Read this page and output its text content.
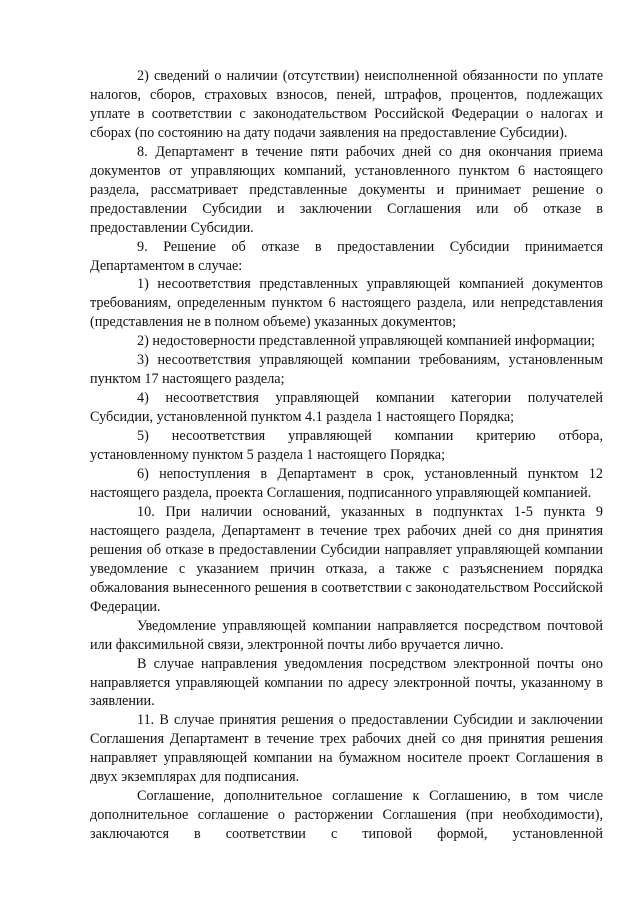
2) сведений о наличии (отсутствии) неисполненной обязанности по уплате налогов, сборов, страховых взносов, пеней, штрафов, процентов, подлежащих уплате в соответствии с законодательством Российской Федерации о налогах и сборах (по состоянию на дату подачи заявления на предоставление Субсидии).

8. Департамент в течение пяти рабочих дней со дня окончания приема документов от управляющих компаний, установленного пунктом 6 настоящего раздела, рассматривает представленные документы и принимает решение о предоставлении Субсидии и заключении Соглашения или об отказе в предоставлении Субсидии.

9. Решение об отказе в предоставлении Субсидии принимается Департаментом в случае:

1) несоответствия представленных управляющей компанией документов требованиям, определенным пунктом 6 настоящего раздела, или непредставления (представления не в полном объеме) указанных документов;

2) недостоверности представленной управляющей компанией информации;

3) несоответствия управляющей компании требованиям, установленным пунктом 17 настоящего раздела;

4) несоответствия управляющей компании категории получателей Субсидии, установленной пунктом 4.1 раздела 1 настоящего Порядка;

5) несоответствия управляющей компании критерию отбора, установленному пунктом 5 раздела 1 настоящего Порядка;

6) непоступления в Департамент в срок, установленный пунктом 12 настоящего раздела, проекта Соглашения, подписанного управляющей компанией.

10. При наличии оснований, указанных в подпунктах 1-5 пункта 9 настоящего раздела, Департамент в течение трех рабочих дней со дня принятия решения об отказе в предоставлении Субсидии направляет управляющей компании уведомление с указанием причин отказа, а также с разъяснением порядка обжалования вынесенного решения в соответствии с законодательством Российской Федерации.

Уведомление управляющей компании направляется посредством почтовой или факсимильной связи, электронной почты либо вручается лично.

В случае направления уведомления посредством электронной почты оно направляется управляющей компании по адресу электронной почты, указанному в заявлении.

11. В случае принятия решения о предоставлении Субсидии и заключении Соглашения Департамент в течение трех рабочих дней со дня принятия решения направляет управляющей компании на бумажном носителе проект Соглашения в двух экземплярах для подписания.

Соглашение, дополнительное соглашение к Соглашению, в том числе дополнительное соглашение о расторжении Соглашения (при необходимости), заключаются в соответствии с типовой формой, установленной
